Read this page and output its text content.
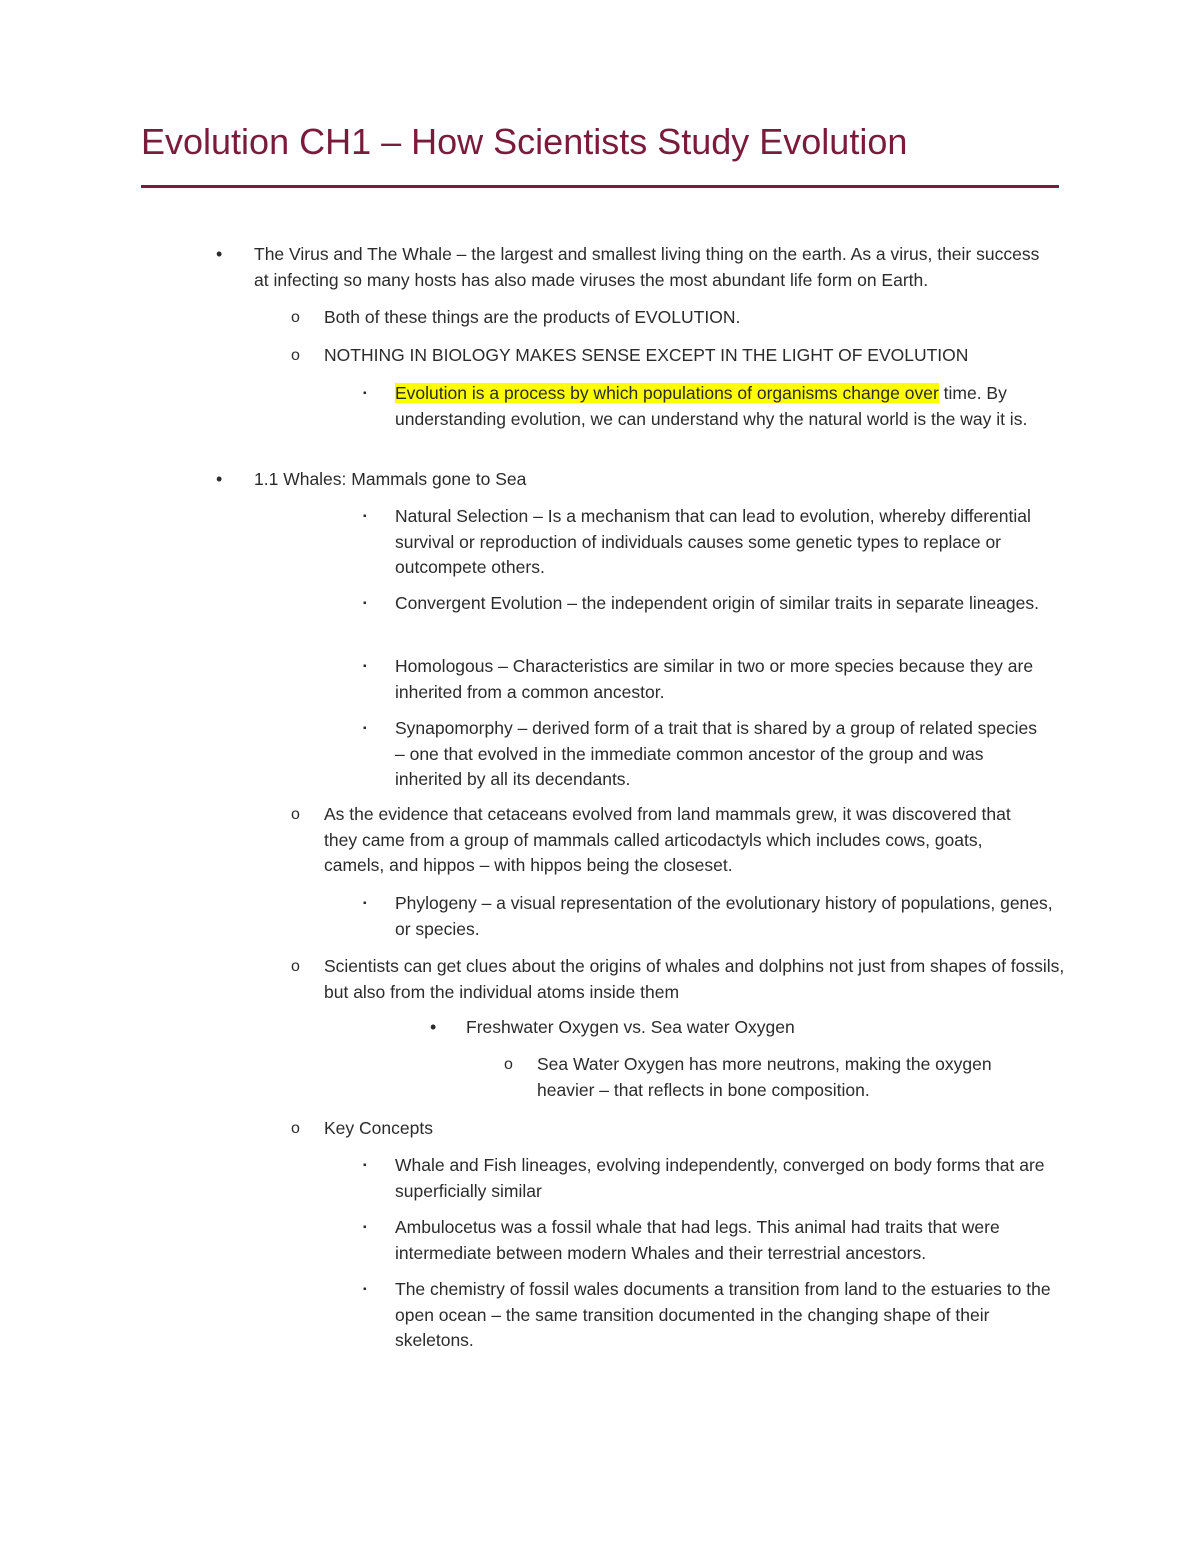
Evolution CH1 – How Scientists Study Evolution
• The Virus and The Whale – the largest and smallest living thing on the earth. As a virus, their success at infecting so many hosts has also made viruses the most abundant life form on Earth.
o Both of these things are the products of EVOLUTION.
o NOTHING IN BIOLOGY MAKES SENSE EXCEPT IN THE LIGHT OF EVOLUTION
▪ Evolution is a process by which populations of organisms change over time. By understanding evolution, we can understand why the natural world is the way it is.
• 1.1 Whales: Mammals gone to Sea
▪ Natural Selection – Is a mechanism that can lead to evolution, whereby differential survival or reproduction of individuals causes some genetic types to replace or outcompete others.
▪ Convergent Evolution – the independent origin of similar traits in separate lineages.
▪ Homologous – Characteristics are similar in two or more species because they are inherited from a common ancestor.
▪ Synapomorphy – derived form of a trait that is shared by a group of related species – one that evolved in the immediate common ancestor of the group and was inherited by all its decendants.
o As the evidence that cetaceans evolved from land mammals grew, it was discovered that they came from a group of mammals called articodactyls which includes cows, goats, camels, and hippos – with hippos being the closeset.
▪ Phylogeny – a visual representation of the evolutionary history of populations, genes, or species.
o Scientists can get clues about the origins of whales and dolphins not just from shapes of fossils, but also from the individual atoms inside them
• Freshwater Oxygen vs. Sea water Oxygen
o Sea Water Oxygen has more neutrons, making the oxygen heavier – that reflects in bone composition.
o Key Concepts
▪ Whale and Fish lineages, evolving independently, converged on body forms that are superficially similar
▪ Ambulocetus was a fossil whale that had legs. This animal had traits that were intermediate between modern Whales and their terrestrial ancestors.
▪ The chemistry of fossil wales documents a transition from land to the estuaries to the open ocean – the same transition documented in the changing shape of their skeletons.
